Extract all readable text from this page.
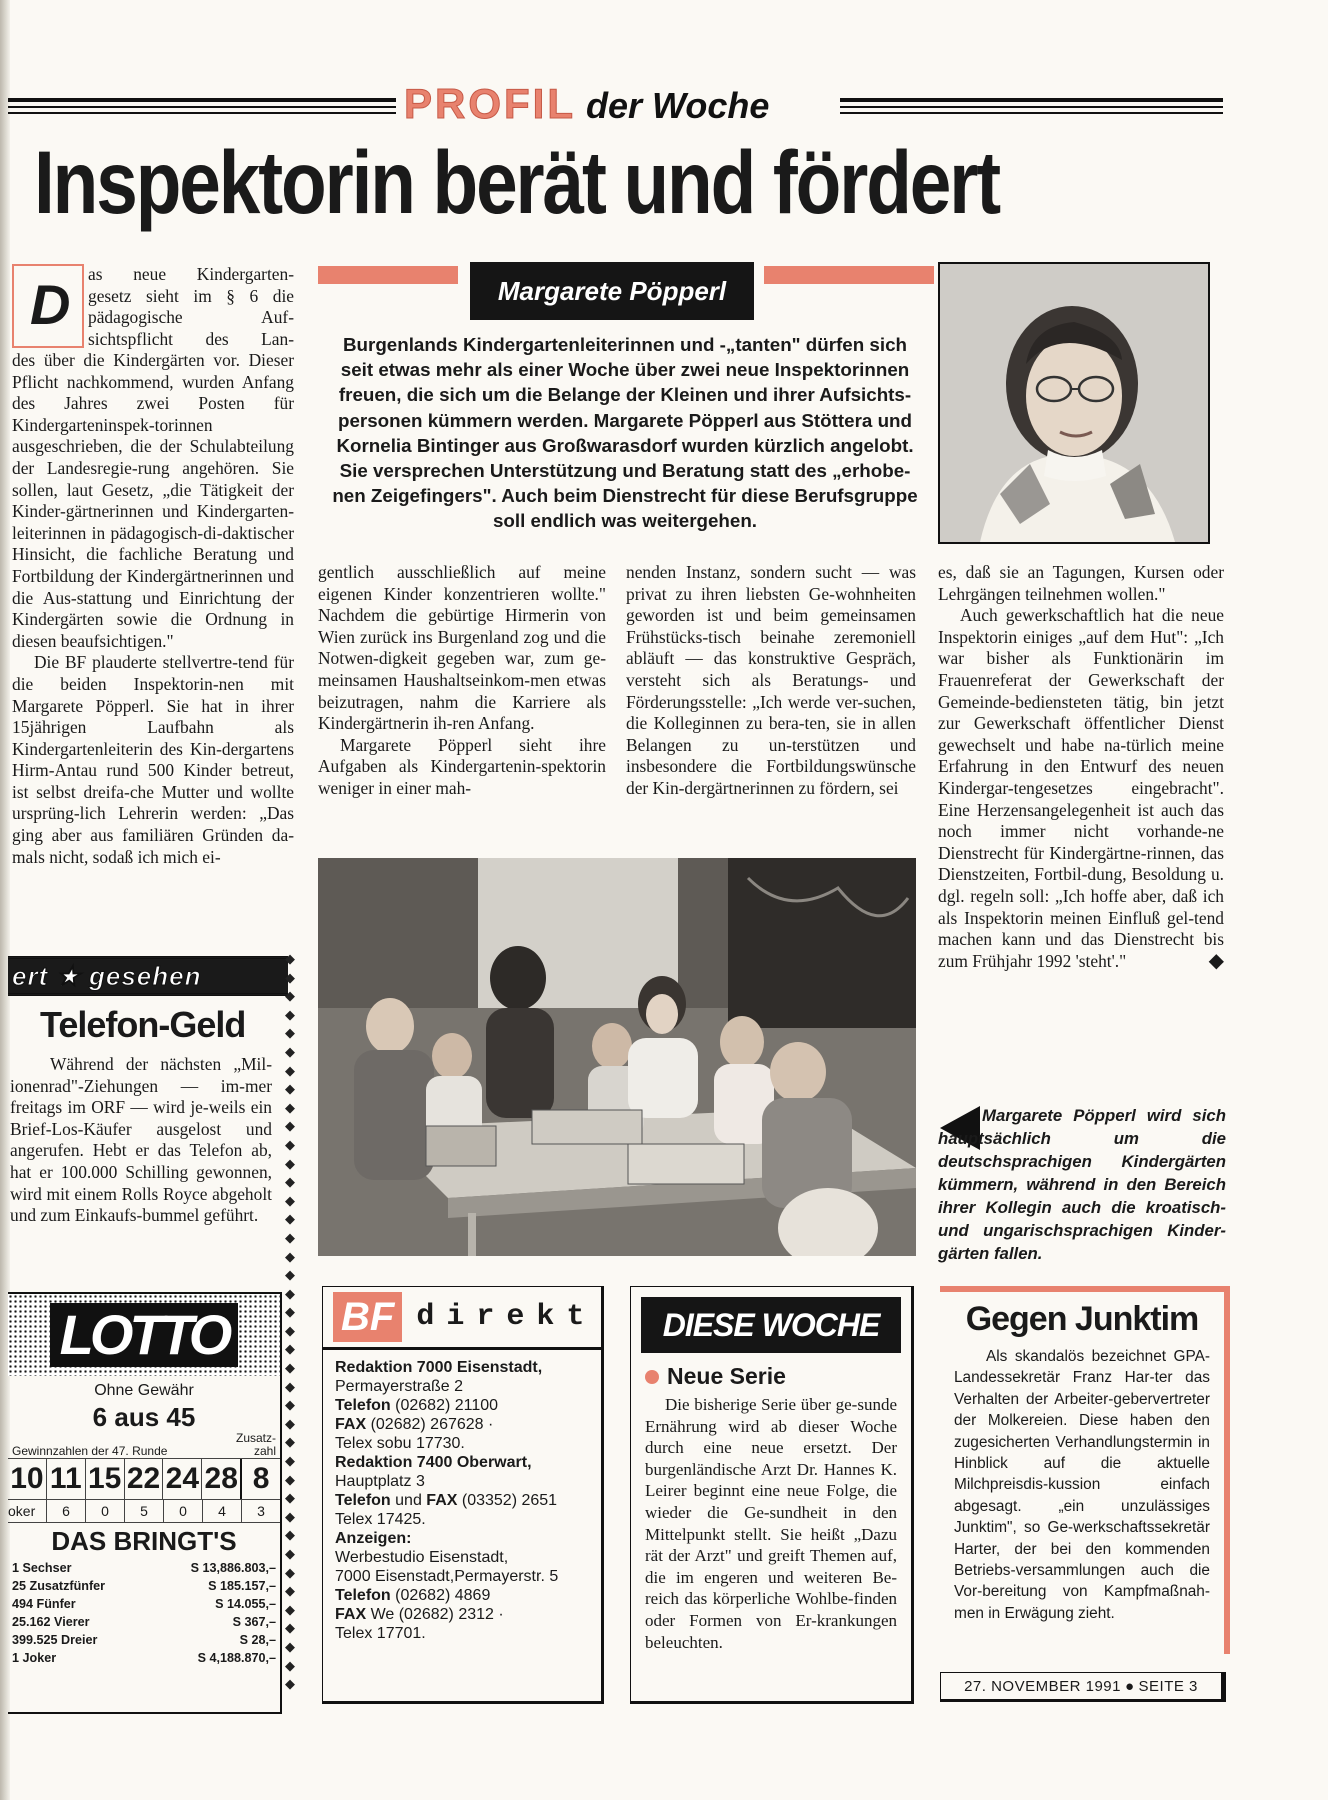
PROFIL der Woche
Inspektorin berät und fördert
D as neue Kindergarten-
gesetz sieht im § 6 die
pädagogische Auf-
sichtspflicht des Lan-

des über die Kindergärten vor. Dieser Pflicht nachkommend, wurden Anfang des Jahres zwei Posten für Kindergarteninspek-torinnen ausgeschrieben, die der Schulabteilung der Landesregie-rung angehören. Sie sollen, laut Gesetz, „die Tätigkeit der Kinder-gärtnerinnen und Kindergarten-leiterinnen in pädagogisch-di-daktischer Hinsicht, die fachliche Beratung und Fortbildung der Kindergärtnerinnen und die Aus-stattung und Einrichtung der Kindergärten sowie die Ordnung in diesen beaufsichtigen."

Die BF plauderte stellvertre-tend für die beiden Inspektorin-nen mit Margarete Pöpperl. Sie hat in ihrer 15jährigen Laufbahn als Kindergartenleiterin des Kin-dergartens Hirm-Antau rund 500 Kinder betreut, ist selbst dreifa-che Mutter und wollte ursprüng-lich Lehrerin werden: „Das ging aber aus familiären Gründen da-mals nicht, sodaß ich mich ei-

Margarete Pöpperl
Burgenlands Kindergartenleiterinnen und -„tanten" dürfen sich
seit etwas mehr als einer Woche über zwei neue Inspektorinnen
freuen, die sich um die Belange der Kleinen und ihrer Aufsichts-
personen kümmern werden. Margarete Pöpperl aus Stöttera und
Kornelia Bintinger aus Großwarasdorf wurden kürzlich angelobt.
Sie versprechen Unterstützung und Beratung statt des „erhobe-
nen Zeigefingers". Auch beim Dienstrecht für diese Berufsgruppe
soll endlich was weitergehen.

gentlich ausschließlich auf meine eigenen Kinder konzentrieren wollte." Nachdem die gebürtige Hirmerin von Wien zurück ins Burgenland zog und die Notwen-digkeit gegeben war, zum ge-meinsamen Haushaltseinkom-men etwas beizutragen, nahm die Karriere als Kindergärtnerin ih-ren Anfang.

Margarete Pöpperl sieht ihre Aufgaben als Kindergartenin-spektorin weniger in einer mah-

nenden Instanz, sondern sucht — was privat zu ihren liebsten Ge-wohnheiten geworden ist und beim gemeinsamen Frühstücks-tisch beinahe zeremoniell abläuft — das konstruktive Gespräch, versteht sich als Beratungs- und Förderungsstelle: „Ich werde ver-suchen, die Kolleginnen zu bera-ten, sie in allen Belangen zu un-terstützen und insbesondere die Fortbildungswünsche der Kin-dergärtnerinnen zu fördern, sei

es, daß sie an Tagungen, Kursen oder Lehrgängen teilnehmen wollen."

Auch gewerkschaftlich hat die neue Inspektorin einiges „auf dem Hut": „Ich war bisher als Funktionärin im Frauenreferat der Gewerkschaft der Gemeinde-bediensteten tätig, bin jetzt zur Gewerkschaft öffentlicher Dienst gewechselt und habe na-türlich meine Erfahrung in den Entwurf des neuen Kindergar-tengesetzes eingebracht". Eine Herzensangelegenheit ist auch das noch immer nicht vorhande-ne Dienstrecht für Kindergärtne-rinnen, das Dienstzeiten, Fortbil-dung, Besoldung u. dgl. regeln soll: „Ich hoffe aber, daß ich als Inspektorin meinen Einfluß gel-tend machen kann und das Dienstrecht bis zum Frühjahr 1992 'steht'."	◆

Margarete Pöpperl wird sich hauptsächlich um die deutschsprachigen Kindergärten kümmern, während in den Bereich ihrer Kollegin auch die kroatisch- und ungarischsprachigen Kinder-gärten fallen.
ert ★ gesehen
Telefon-Geld
Während der nächsten „Mil-ionenrad"-Ziehungen — im-mer freitags im ORF — wird je-weils ein Brief-Los-Käufer ausgelost und angerufen. Hebt er das Telefon ab, hat er 100.000 Schilling gewonnen, wird mit einem Rolls Royce abgeholt und zum Einkaufs-bummel geführt.
◆
◆
◆
◆
◆
◆
◆
◆
◆
◆
◆
◆
◆
◆
◆
◆
◆
◆
◆
◆
◆
◆
◆
◆
◆
◆
◆
◆
◆
◆
◆
◆
◆
◆
◆
◆
◆
◆
◆
◆
LOTTO
Ohne Gewähr
6 aus 45
Gewinnzahlen der 47. Runde
Zusatz-
zahl
10 11 15 22 24 28 8
oker	6	0	5	0	4	3
DAS BRINGT'S
1 Sechser	S 13,886.803,–
25 Zusatzfünfer	S 185.157,–
494 Fünfer	S 14.055,–
25.162 Vierer	S 367,–
399.525 Dreier	S 28,–
1 Joker	S 4,188.870,–
BF direkt
Redaktion 7000 Eisenstadt,
Permayerstraße 2
Telefon (02682) 21100
FAX (02682) 267628 ·
Telex sobu 17730.
Redaktion 7400 Oberwart,
Hauptplatz 3
Telefon und FAX (03352) 2651
Telex 17425.
Anzeigen:
Werbestudio Eisenstadt,
7000 Eisenstadt,Permayerstr. 5
Telefon (02682) 4869
FAX We (02682) 2312 ·
Telex 17701.
DIESE WOCHE
Neue Serie
Die bisherige Serie über ge-sunde Ernährung wird ab dieser Woche durch eine neue ersetzt. Der burgenländische Arzt Dr. Hannes K. Leirer beginnt eine neue Folge, die wieder die Ge-sundheit in den Mittelpunkt stellt. Sie heißt „Dazu rät der Arzt" und greift Themen auf, die im engeren und weiteren Be-reich das körperliche Wohlbe-finden oder Formen von Er-krankungen beleuchten.
Gegen Junktim
Als skandalös bezeichnet GPA-Landessekretär Franz Har-ter das Verhalten der Arbeiter-gebervertreter der Molkereien. Diese haben den zugesicherten Verhandlungstermin in Hinblick auf die aktuelle Milchpreisdis-kussion einfach abgesagt. „ein unzulässiges Junktim", so Ge-werkschaftssekretär Harter, der bei den kommenden Betriebs-versammlungen auch die Vor-bereitung von Kampfmaßnah-men in Erwägung zieht.
27. NOVEMBER 1991 ● SEITE 3
